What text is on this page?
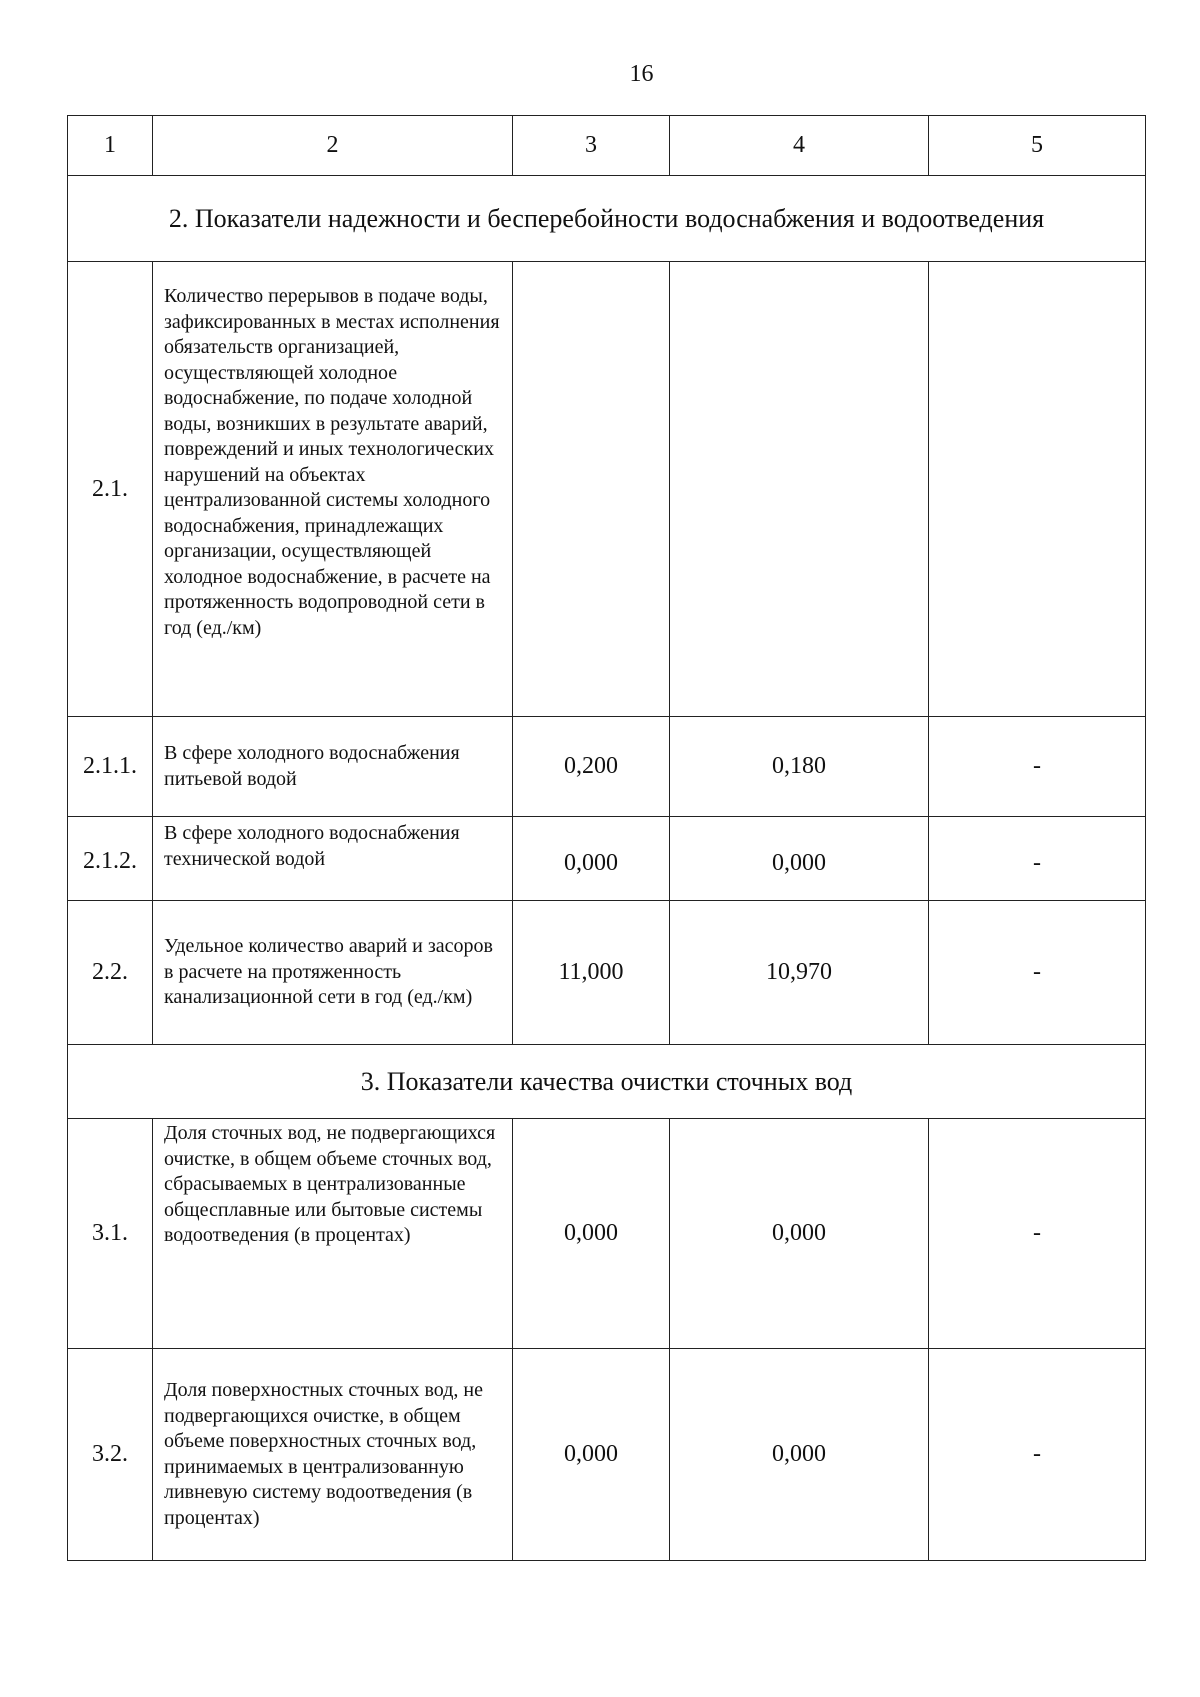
16
1	2	3	4	5
2. Показатели надежности и бесперебойности водоснабжения и водоотведения				
2.1.	Количество перерывов в подаче воды, зафиксированных в местах исполнения обязательств организацией, осуществляющей холодное водоснабжение, по подаче холодной воды, возникших в результате аварий, повреждений и иных технологических нарушений на объектах централизованной системы холодного водоснабжения, принадлежащих организации, осуществляющей холодное водоснабжение, в расчете на протяженность водопроводной сети в год (ед./км)			
2.1.1.	В сфере холодного водоснабжения питьевой водой	0,200	0,180	-
2.1.2.	В сфере холодного водоснабжения технической водой	0,000	0,000	-
2.2.	Удельное количество аварий и засоров в расчете на протяженность канализационной сети в год (ед./км)	11,000	10,970	-
3. Показатели качества очистки сточных вод				
3.1.	Доля сточных вод, не подвергающихся очистке, в общем объеме сточных вод, сбрасываемых в централизованные общесплавные или бытовые системы водоотведения (в процентах)	0,000	0,000	-
3.2.	Доля поверхностных сточных вод, не подвергающихся очистке, в общем объеме поверхностных сточных вод, принимаемых в централизованную ливневую систему водоотведения (в процентах)	0,000	0,000	-
